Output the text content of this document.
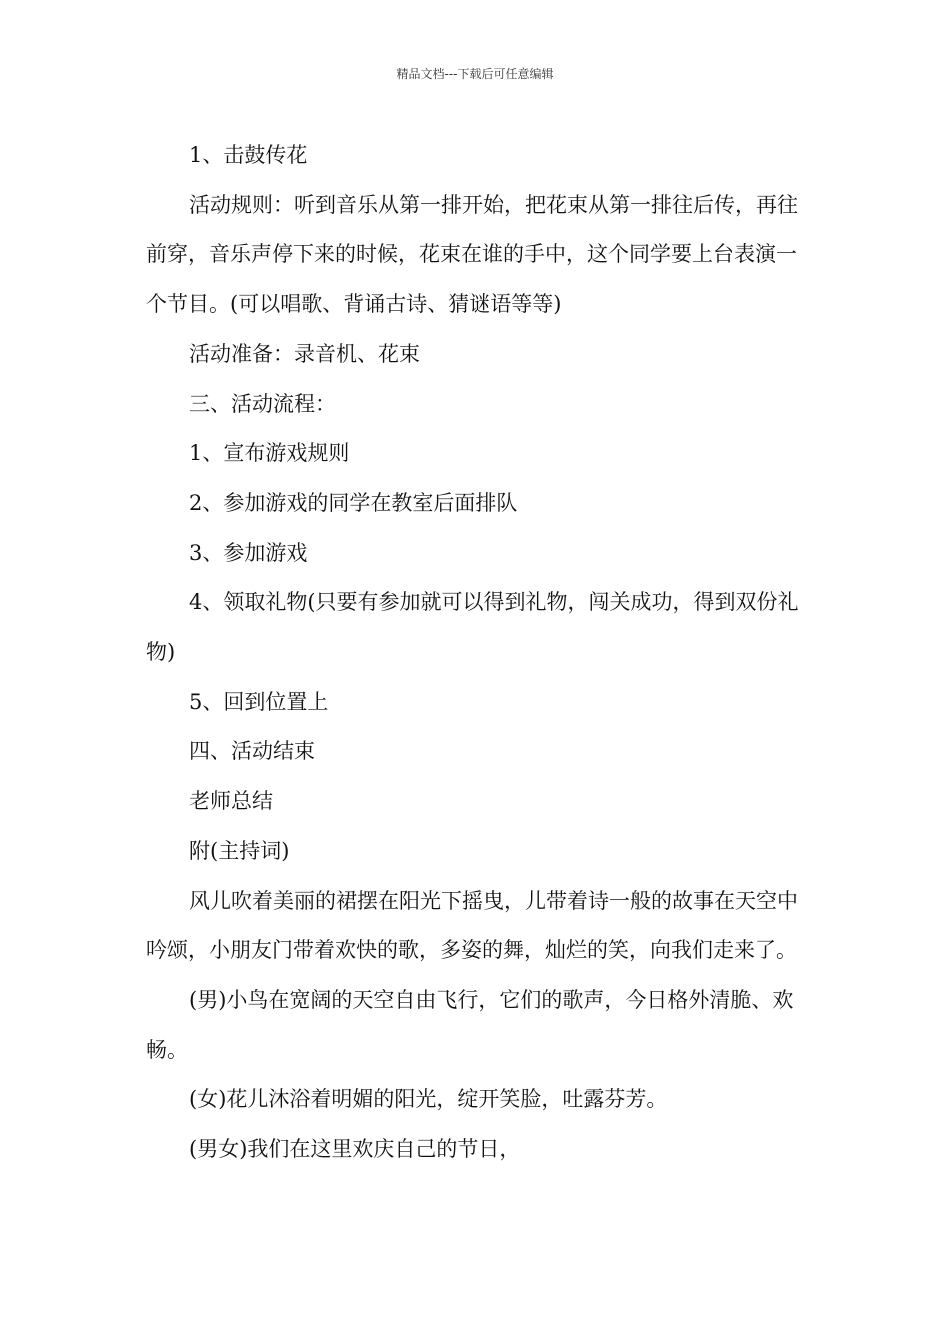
精品文档---下载后可任意编辑

1、击鼓传花

活动规则：听到音乐从第一排开始，把花束从第一排往后传，再往前穿，音乐声停下来的时候，花束在谁的手中，这个同学要上台表演一个节目。(可以唱歌、背诵古诗、猜谜语等等)

活动准备：录音机、花束

三、活动流程：

1、宣布游戏规则

2、参加游戏的同学在教室后面排队

3、参加游戏

4、领取礼物(只要有参加就可以得到礼物，闯关成功，得到双份礼物)

5、回到位置上

四、活动结束

老师总结

附(主持词)

风儿吹着美丽的裙摆在阳光下摇曳，儿带着诗一般的故事在天空中吟颂，小朋友门带着欢快的歌，多姿的舞，灿烂的笑，向我们走来了。

(男)小鸟在宽阔的天空自由飞行，它们的歌声，今日格外清脆、欢畅。

(女)花儿沐浴着明媚的阳光，绽开笑脸，吐露芬芳。

(男女)我们在这里欢庆自己的节日，
